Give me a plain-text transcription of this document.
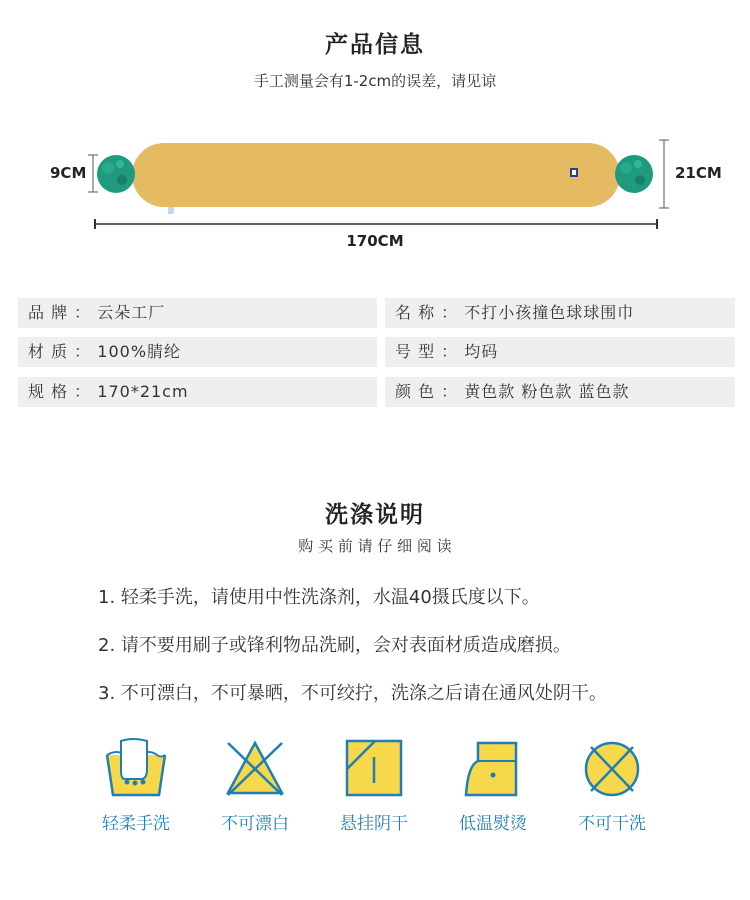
产品信息
手工测量会有1-2cm的误差，请见谅
9CM	21CM
170CM
品 牌 ： 云朵工厂	名 称 ： 不打小孩撞色球球围巾
材 质 ： 100%腈纶	号 型 ： 均码
规 格 ： 170*21cm	颜 色 ： 黄色款 粉色款 蓝色款
洗涤说明
购 买 前 请 仔 细 阅 读
1. 轻柔手洗，请使用中性洗涤剂，水温40摄氏度以下。
2. 请不要用刷子或锋利物品洗刷，会对表面材质造成磨损。
3. 不可漂白，不可暴晒，不可绞拧，洗涤之后请在通风处阴干。
轻柔手洗	不可漂白	悬挂阴干	低温熨烫	不可干洗
